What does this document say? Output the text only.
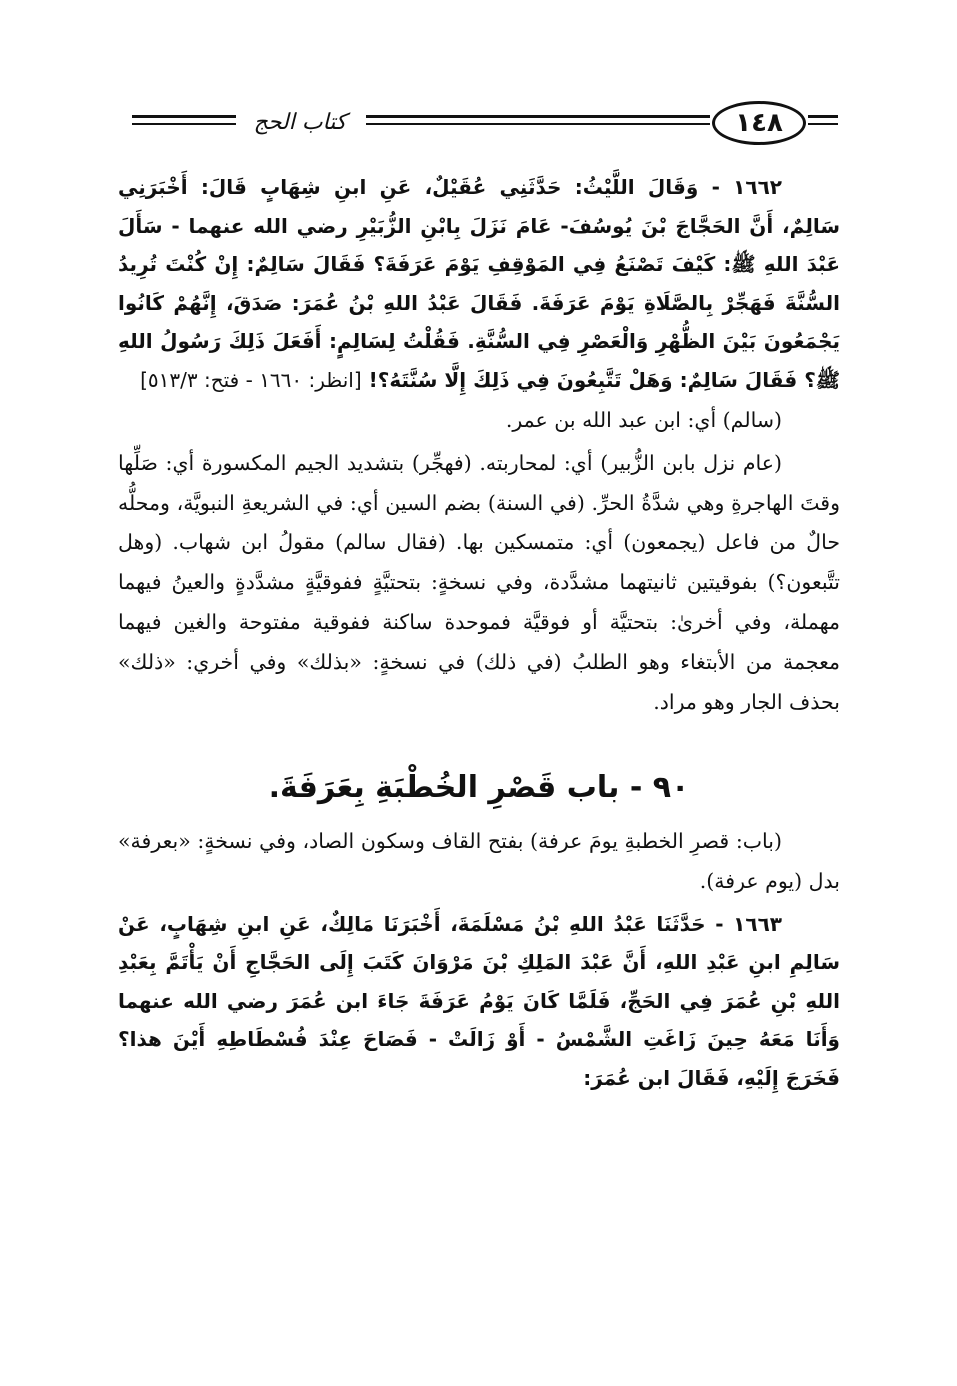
كتاب الحج	١٤٨

١٦٦٢ - وَقَالَ اللَّيْثُ: حَدَّثَنِي عُقَيْلٌ، عَنِ ابنِ شِهَابٍ قَالَ: أَخْبَرَنِي سَالِمٌ، أَنَّ الحَجَّاجَ بْنَ يُوسُفَ- عَامَ نَزَلَ بِابْنِ الزُّبَيْرِ رضي الله عنهما - سَأَلَ عَبْدَ اللهِ ﷺ: كَيْفَ تَصْنَعُ فِي المَوْقِفِ يَوْمَ عَرَفَةَ؟ فَقَالَ سَالِمٌ: إِنْ كُنْتَ تُرِيدُ السُّنَّةَ فَهَجِّرْ بِالصَّلَاةِ يَوْمَ عَرَفَةَ. فَقَالَ عَبْدُ اللهِ بْنُ عُمَرَ: صَدَقَ، إِنَّهُمْ كَانُوا يَجْمَعُونَ بَيْنَ الظُّهْرِ وَالْعَصْرِ فِي السُّنَّةِ. فَقُلْتُ لِسَالِمٍ: أَفَعَلَ ذَلِكَ رَسُولُ اللهِ ﷺ؟ فَقَالَ سَالِمٌ: وَهَلْ تَتَّبِعُونَ فِي ذَلِكَ إِلَّا سُنَّتَهُ؟! [انظر: ١٦٦٠ - فتح: ٥١٣/٣]

(سالم) أي: ابن عبد الله بن عمر.

(عام نزل بابن الزُّبير) أي: لمحاربته. (فهجِّر) بتشديد الجيم المكسورة أي: صَلِّها وقتَ الهاجرةِ وهي شدَّةُ الحرِّ. (في السنة) بضم السين أي: في الشريعةِ النبويَّة، ومحلُّه حالٌ من فاعل (يجمعون) أي: متمسكين بها. (فقال سالم) مقولُ ابن شهاب. (وهل تتَّبعون؟) بفوقيتين ثانيتهما مشدَّدة، وفي نسخةٍ: بتحتيَّةٍ ففوقيَّةٍ مشدَّدةٍ والعينُ فيهما مهملة، وفي أخرىٰ: بتحتيَّة أو فوقيَّة فموحدة ساكنة ففوقية مفتوحة والغين فيهما معجمة من الأبتغاء وهو الطلبُ (في ذلك) في نسخةٍ: «بذلك» وفي أخري: «ذلك» بحذف الجار وهو مراد.

٩٠ - باب قَصْرِ الخُطْبَةِ بِعَرَفَةَ.

(باب: قصرِ الخطبةِ يومَ عرفة) بفتح القاف وسكون الصاد، وفي نسخةٍ: «بعرفة» بدل (يوم عرفة).

١٦٦٣ - حَدَّثَنَا عَبْدُ اللهِ بْنُ مَسْلَمَةَ، أَخْبَرَنَا مَالِكٌ، عَنِ ابنِ شِهَابٍ، عَنْ سَالِمِ ابنِ عَبْدِ اللهِ، أَنَّ عَبْدَ المَلِكِ بْنَ مَرْوَانَ كَتَبَ إِلَى الحَجَّاجِ أَنْ يَأْتَمَّ بِعَبْدِ اللهِ بْنِ عُمَرَ فِي الحَجِّ، فَلَمَّا كَانَ يَوْمُ عَرَفَةَ جَاءَ ابن عُمَرَ رضي الله عنهما وَأَنَا مَعَهُ حِينَ زَاغَتِ الشَّمْسُ - أَوْ زَالَتْ - فَصَاحَ عِنْدَ فُسْطَاطِهِ أَيْنَ هذا؟ فَخَرَجَ إِلَيْهِ، فَقَالَ ابن عُمَرَ:
